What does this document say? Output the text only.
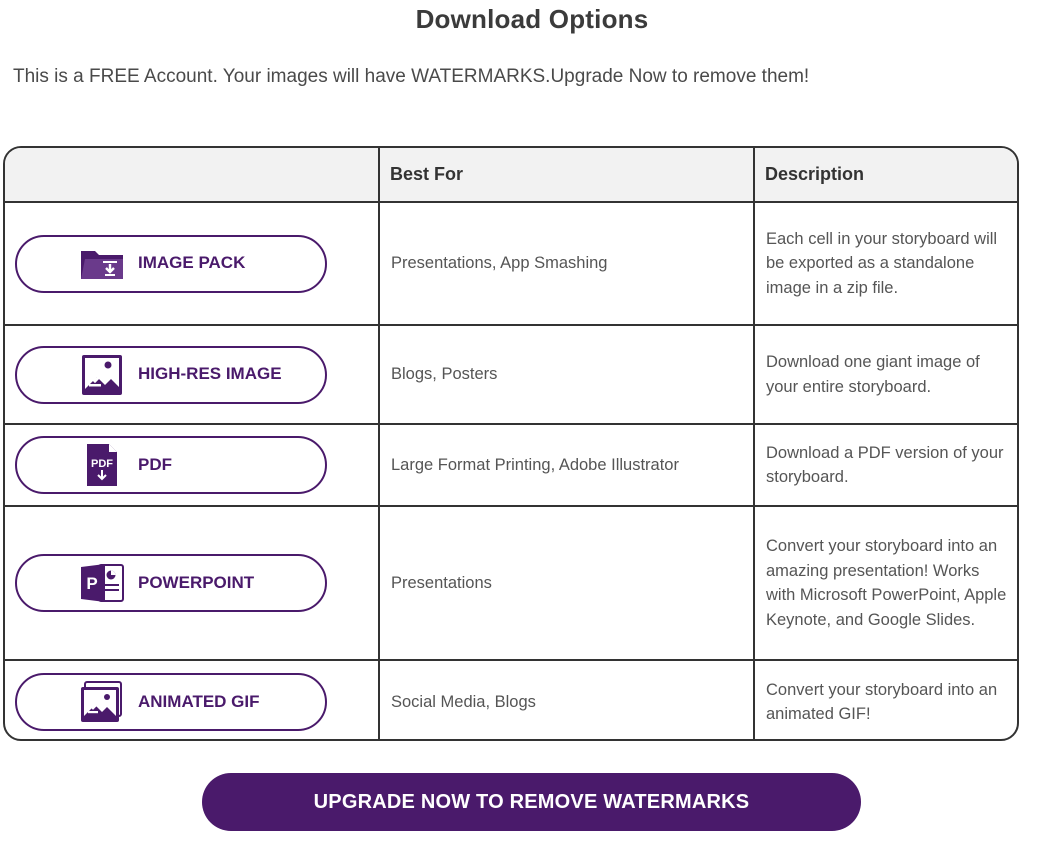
Download Options
This is a FREE Account. Your images will have WATERMARKS.Upgrade Now to remove them!
	Best For	Description

IMAGE PACK	Presentations, App Smashing	Each cell in your storyboard will be exported as a standalone image in a zip file.

HIGH-RES IMAGE	Blogs, Posters	Download one giant image of your entire storyboard.

PDF PDF	Large Format Printing, Adobe Illustrator	Download a PDF version of your storyboard.

P POWERPOINT	Presentations	Convert your storyboard into an amazing presentation! Works with Microsoft PowerPoint, Apple Keynote, and Google Slides.

ANIMATED GIF	Social Media, Blogs	Convert your storyboard into an animated GIF!
UPGRADE NOW TO REMOVE WATERMARKS
